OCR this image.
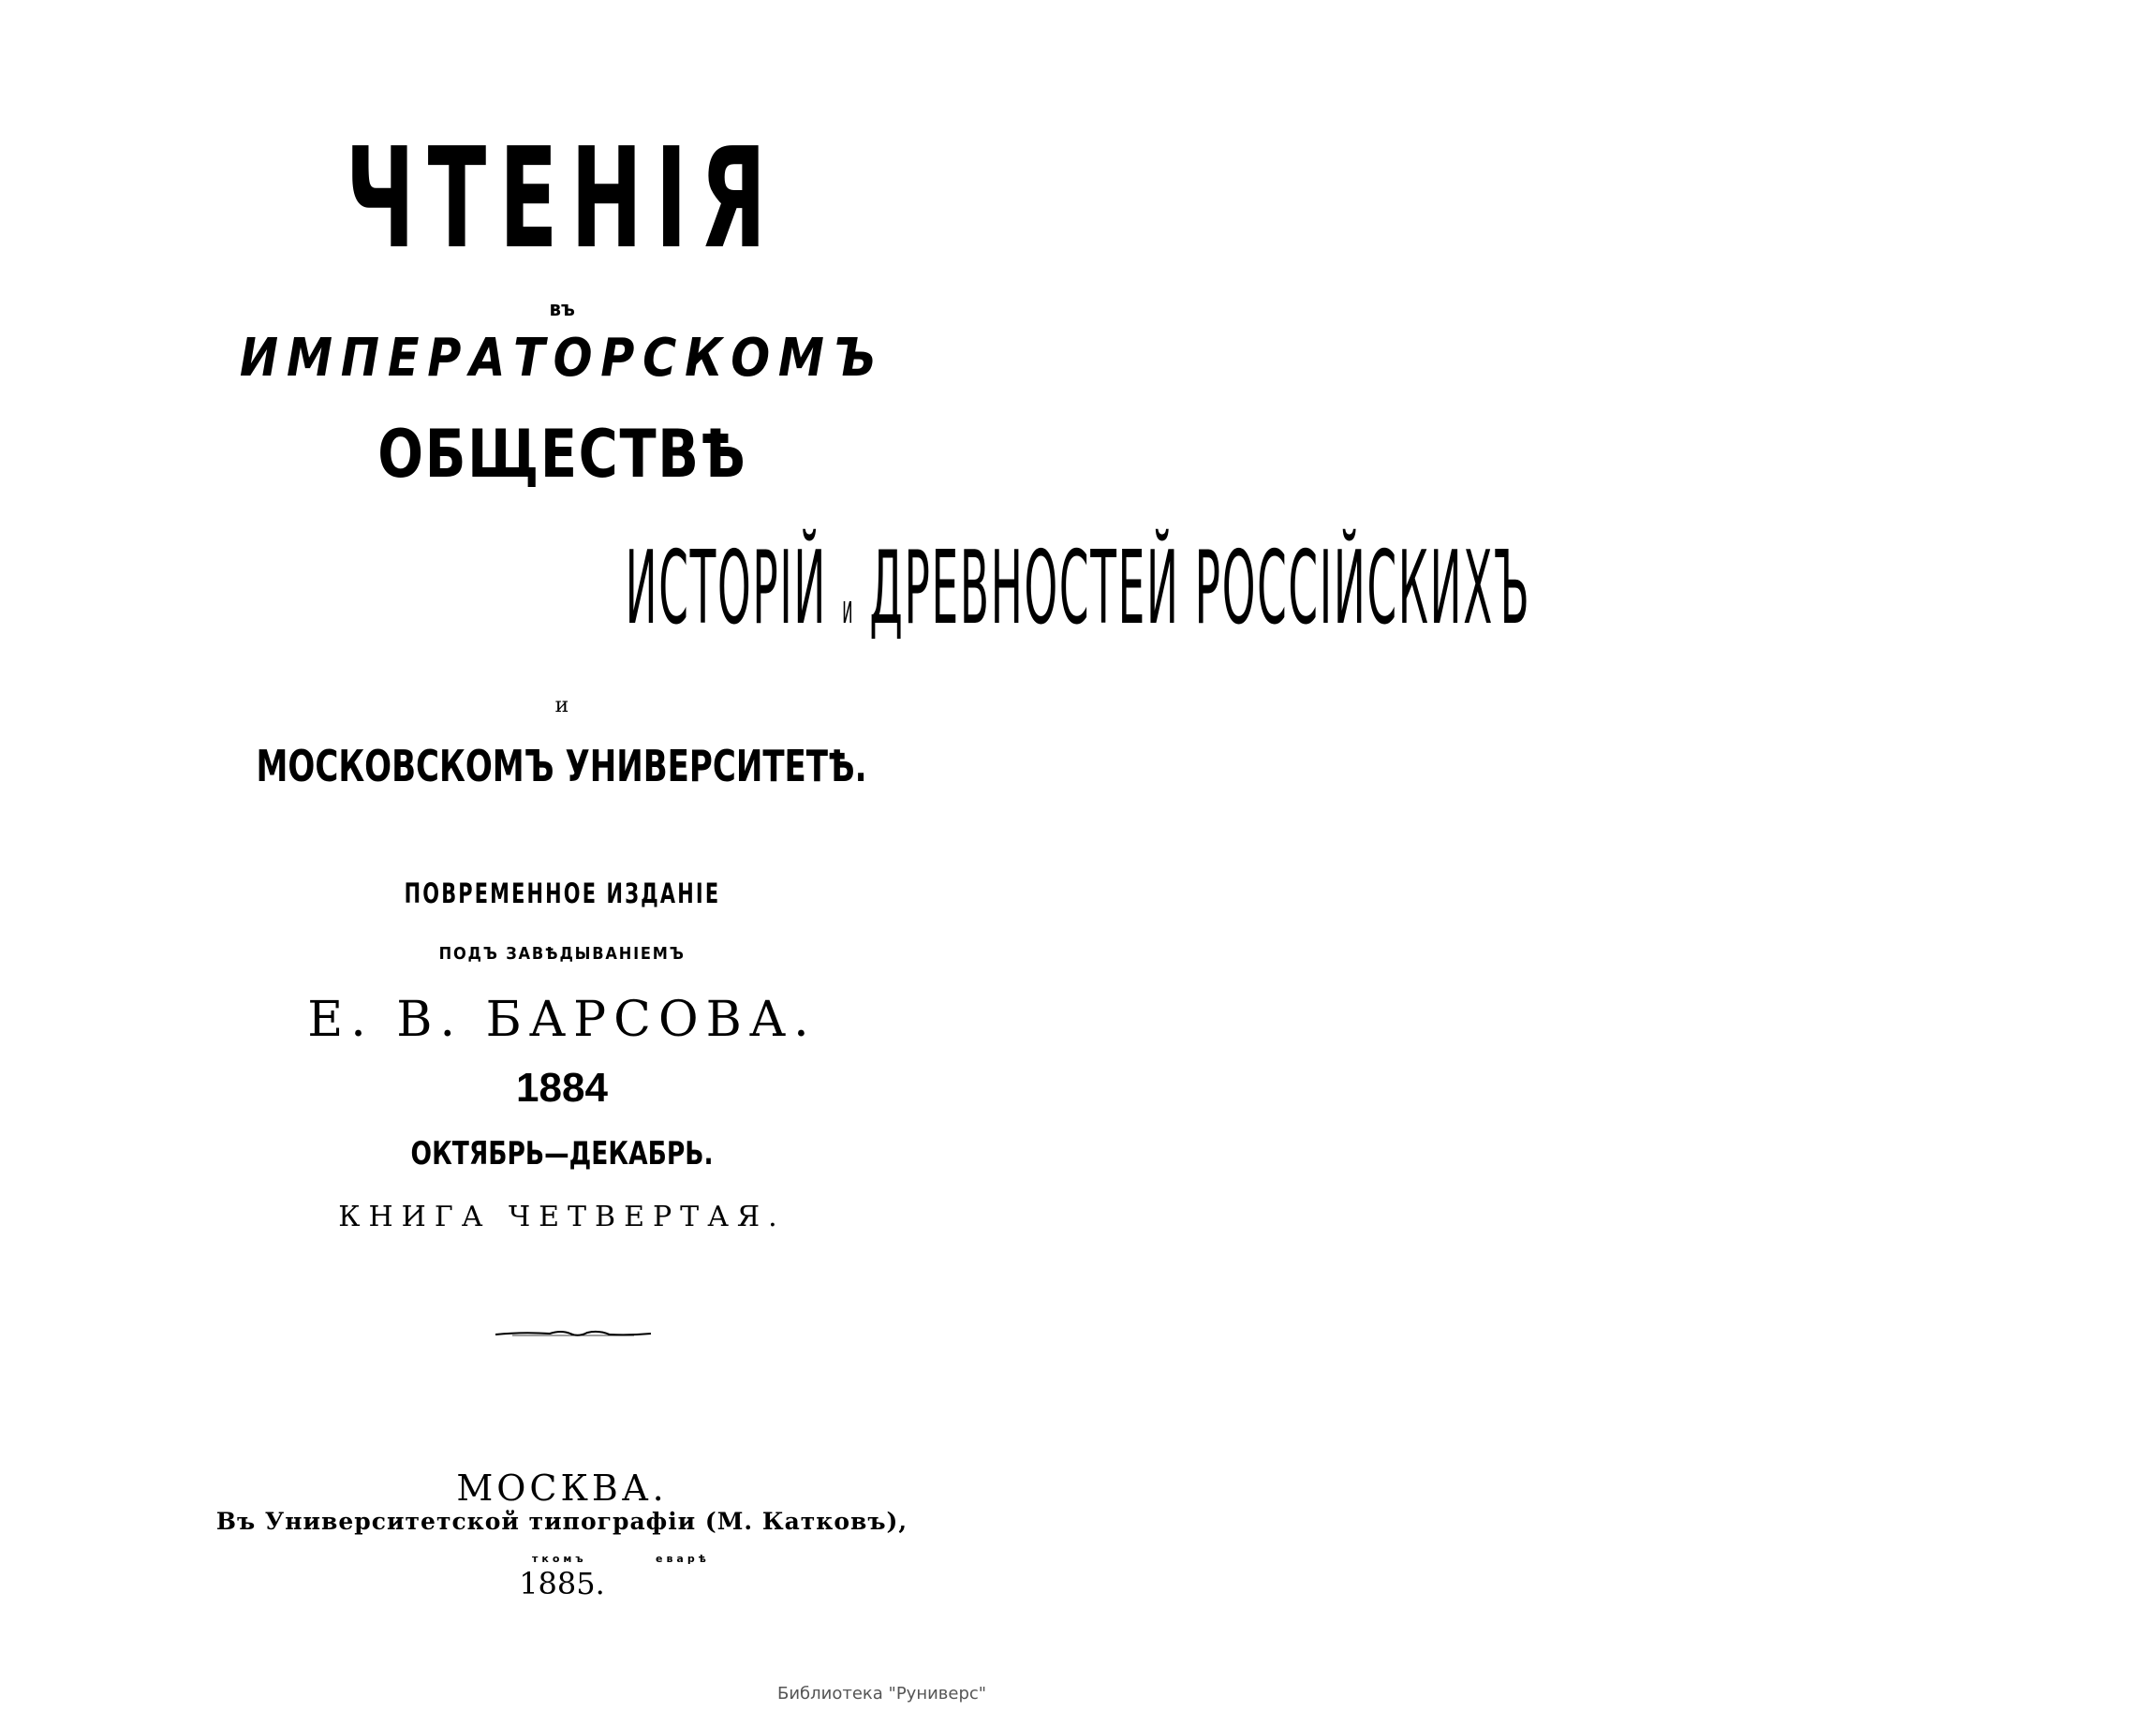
ЧТЕНІЯ
въ
ИМПЕРАТОРСКОМЪ
ОБЩЕСТВѢ
ИСТОРІЙ и ДРЕВНОСТЕЙ РОССІЙСКИХЪ
и
МОСКОВСКОМЪ УНИВЕРСИТЕТѢ.
ПОВРЕМЕННОЕ ИЗДАНІЕ
ПОДЪ ЗАВѢДЫВАНІЕМЪ
Е. В. БАРСОВА.
1884
ОКТЯБРЬ—ДЕКАБРЬ.
КНИГА ЧЕТВЕРТАЯ.
МОСКВА.
Въ Университетской типографіи (М. Катковъ),
ткомъ	еварѣ
1885.
Библиотека "Руниверс"
